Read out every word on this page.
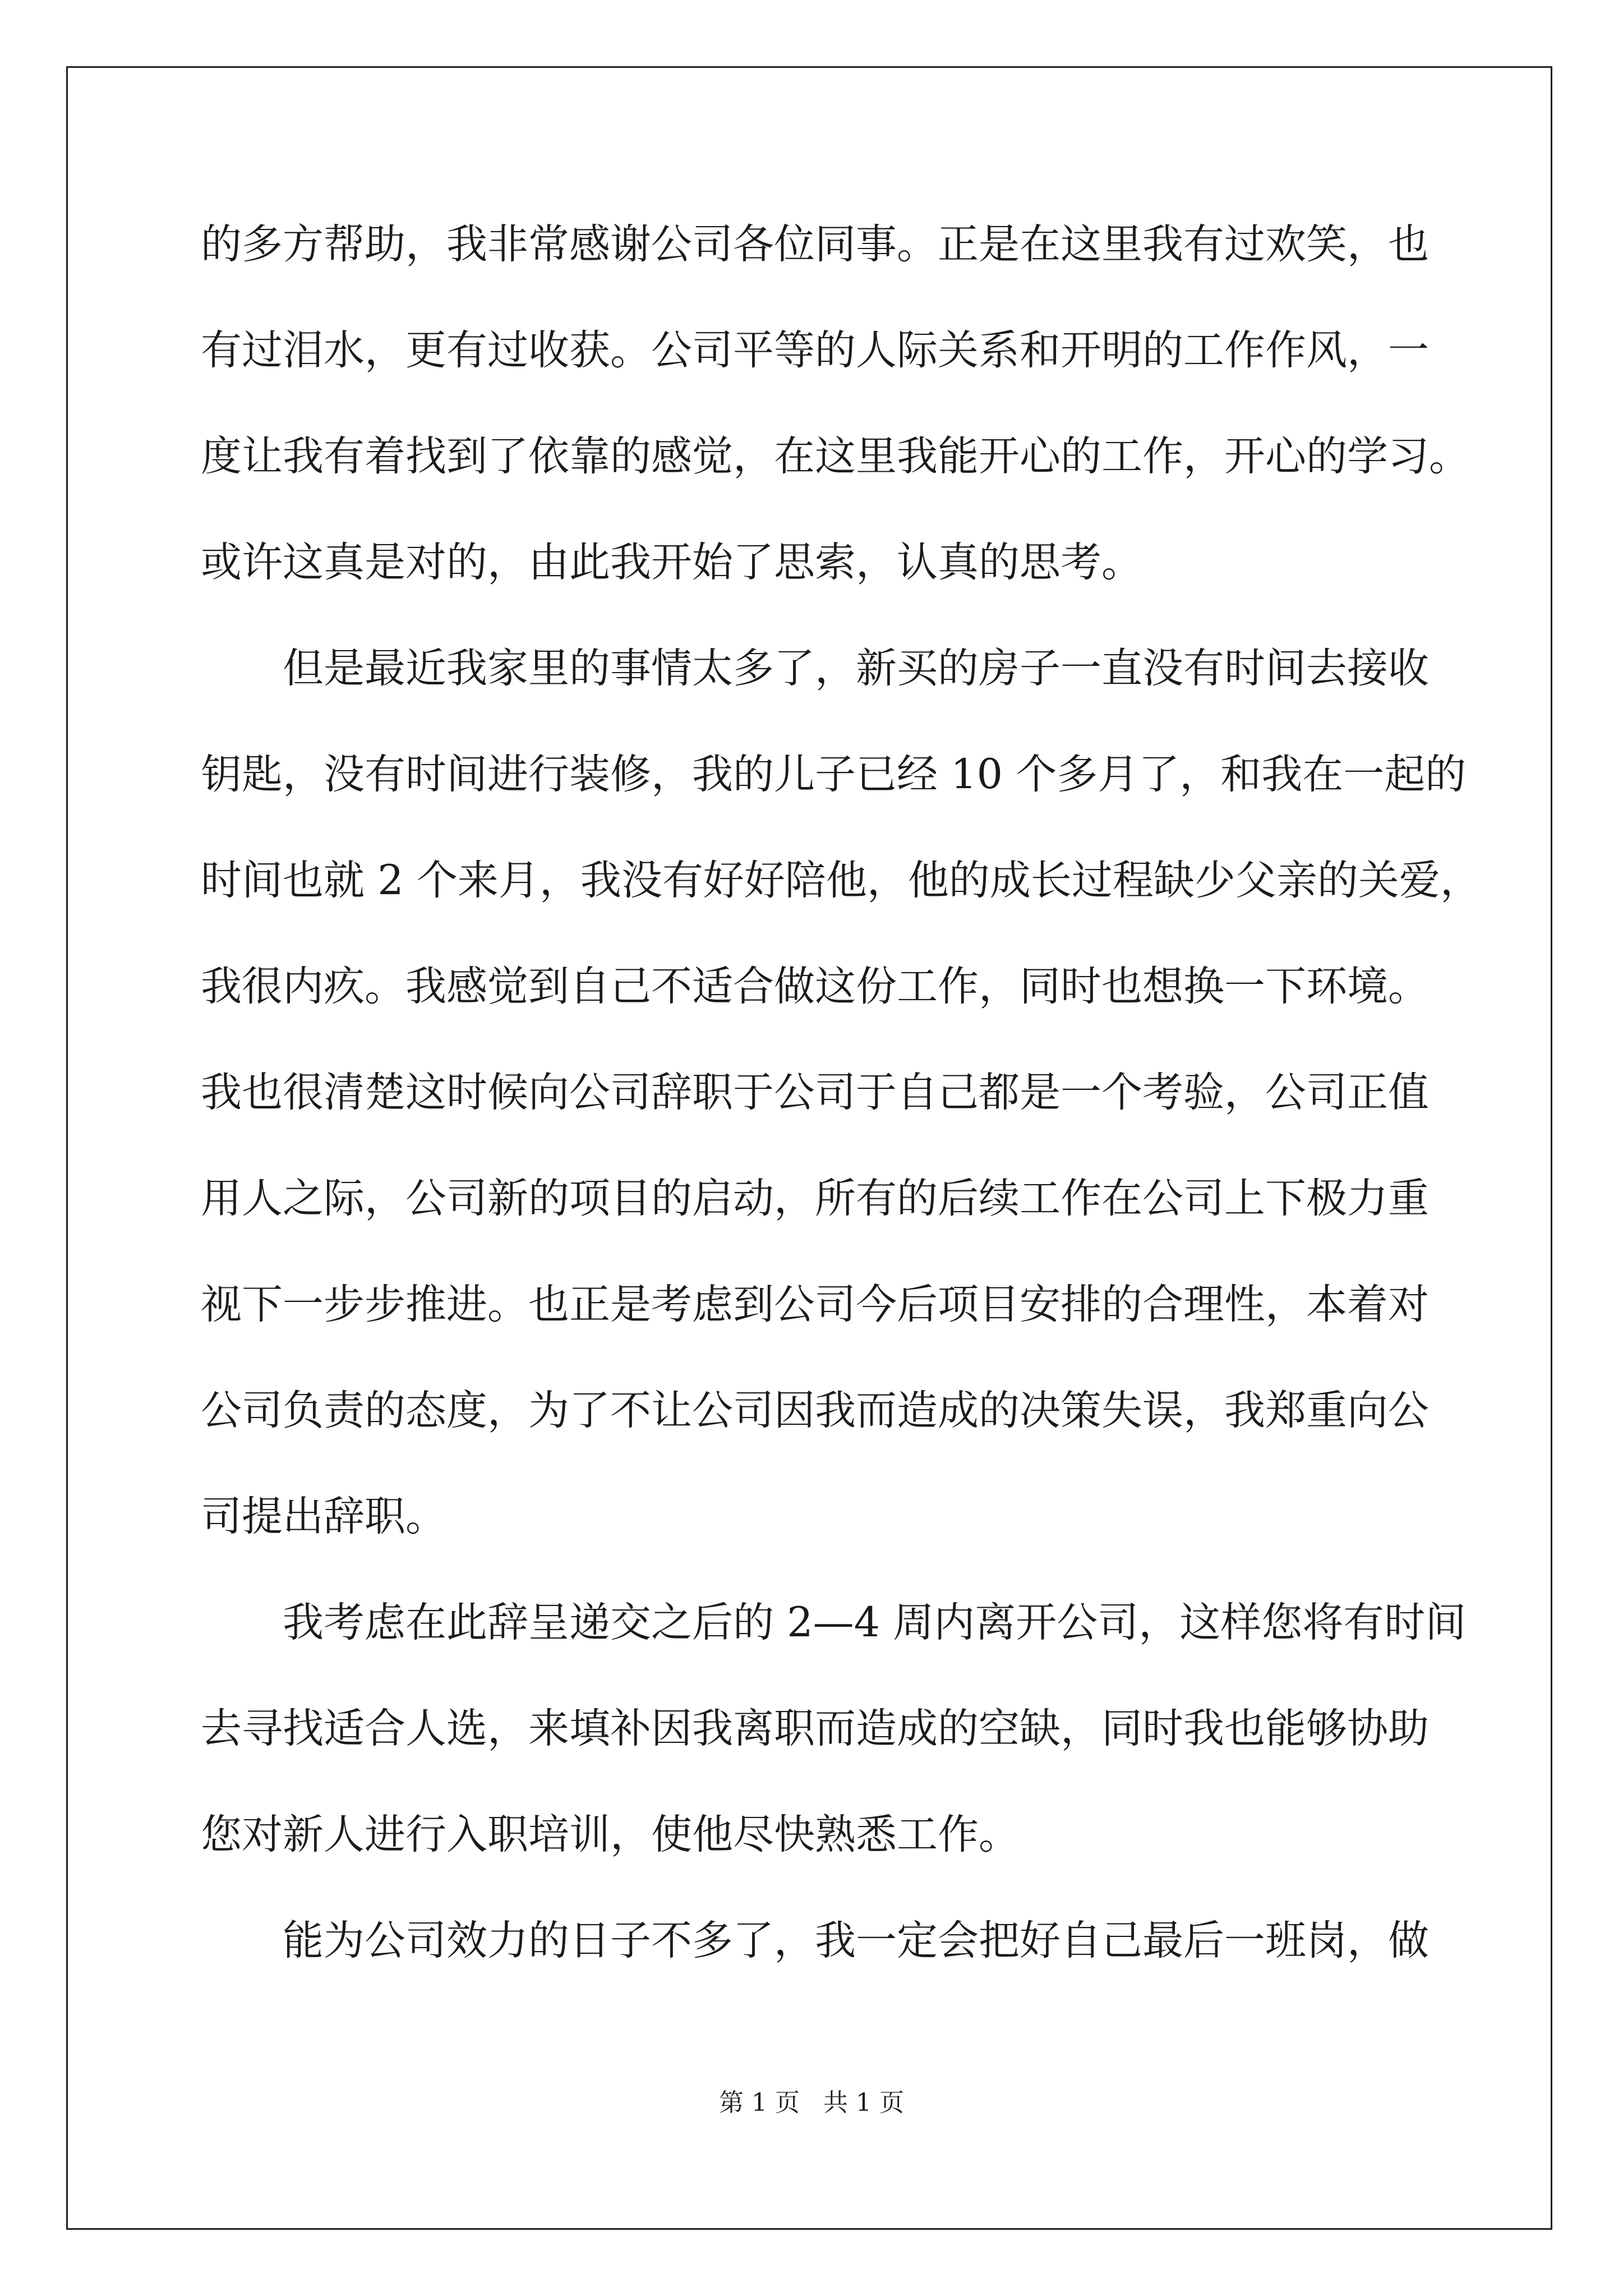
的多方帮助，我非常感谢公司各位同事。正是在这里我有过欢笑，也
有过泪水，更有过收获。公司平等的人际关系和开明的工作作风，一
度让我有着找到了依靠的感觉，在这里我能开心的工作，开心的学习。
或许这真是对的，由此我开始了思索，认真的思考。
　　但是最近我家里的事情太多了，新买的房子一直没有时间去接收
钥匙，没有时间进行装修，我的儿子已经 10 个多月了，和我在一起的
时间也就 2 个来月，我没有好好陪他，他的成长过程缺少父亲的关爱，
我很内疚。我感觉到自己不适合做这份工作，同时也想换一下环境。
我也很清楚这时候向公司辞职于公司于自己都是一个考验，公司正值
用人之际，公司新的项目的启动，所有的后续工作在公司上下极力重
视下一步步推进。也正是考虑到公司今后项目安排的合理性，本着对
公司负责的态度，为了不让公司因我而造成的决策失误，我郑重向公
司提出辞职。
　　我考虑在此辞呈递交之后的 2—4 周内离开公司，这样您将有时间
去寻找适合人选，来填补因我离职而造成的空缺，同时我也能够协助
您对新人进行入职培训，使他尽快熟悉工作。
　　能为公司效力的日子不多了，我一定会把好自己最后一班岗，做
第 1 页   共 1 页
